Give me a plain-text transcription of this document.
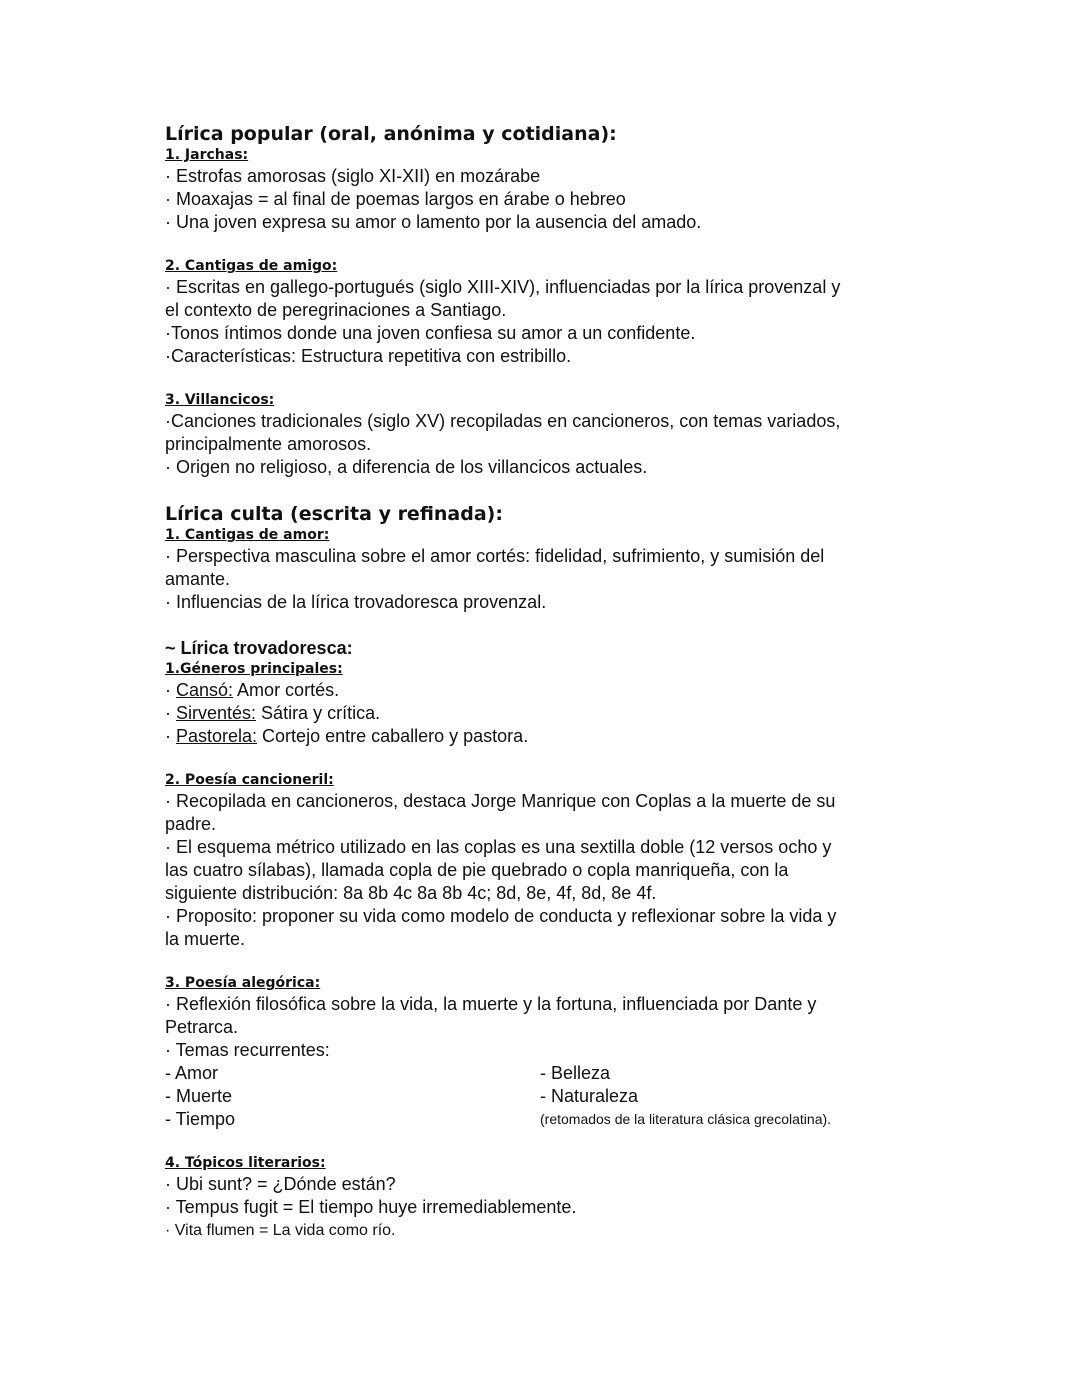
Lírica popular (oral, anónima y cotidiana):

1. Jarchas:

· Estrofas amorosas (siglo XI-XII) en mozárabe

· Moaxajas = al final de poemas largos en árabe o hebreo

· Una joven expresa su amor o lamento por la ausencia del amado.

2. Cantigas de amigo:

· Escritas en gallego-portugués (siglo XIII-XIV), influenciadas por la lírica provenzal y

el contexto de peregrinaciones a Santiago.

·Tonos íntimos donde una joven confiesa su amor a un confidente.

·Características: Estructura repetitiva con estribillo.

3. Villancicos:

·Canciones tradicionales (siglo XV) recopiladas en cancioneros, con temas variados,

principalmente amorosos.

· Origen no religioso, a diferencia de los villancicos actuales.

Lírica culta (escrita y refinada):

1. Cantigas de amor:

· Perspectiva masculina sobre el amor cortés: fidelidad, sufrimiento, y sumisión del

amante.

· Influencias de la lírica trovadoresca provenzal.

~ Lírica trovadoresca:

1.Géneros principales:

· Cansó: Amor cortés.

· Sirventés: Sátira y crítica.

· Pastorela: Cortejo entre caballero y pastora.

2. Poesía cancioneril:

· Recopilada en cancioneros, destaca Jorge Manrique con Coplas a la muerte de su

padre.

· El esquema métrico utilizado en las coplas es una sextilla doble (12 versos ocho y

las cuatro sílabas), llamada copla de pie quebrado o copla manriqueña, con la

siguiente distribución: 8a 8b 4c 8a 8b 4c; 8d, 8e, 4f, 8d, 8e 4f.

· Proposito: proponer su vida como modelo de conducta y reflexionar sobre la vida y

la muerte.

3. Poesía alegórica:

· Reflexión filosófica sobre la vida, la muerte y la fortuna, influenciada por Dante y

Petrarca.

· Temas recurrentes:

- Amor

- Muerte

- Tiempo

- Belleza

- Naturaleza

(retomados de la literatura clásica grecolatina).

4. Tópicos literarios:

· Ubi sunt? = ¿Dónde están?

· Tempus fugit = El tiempo huye irremediablemente.

· Vita flumen = La vida como río.
